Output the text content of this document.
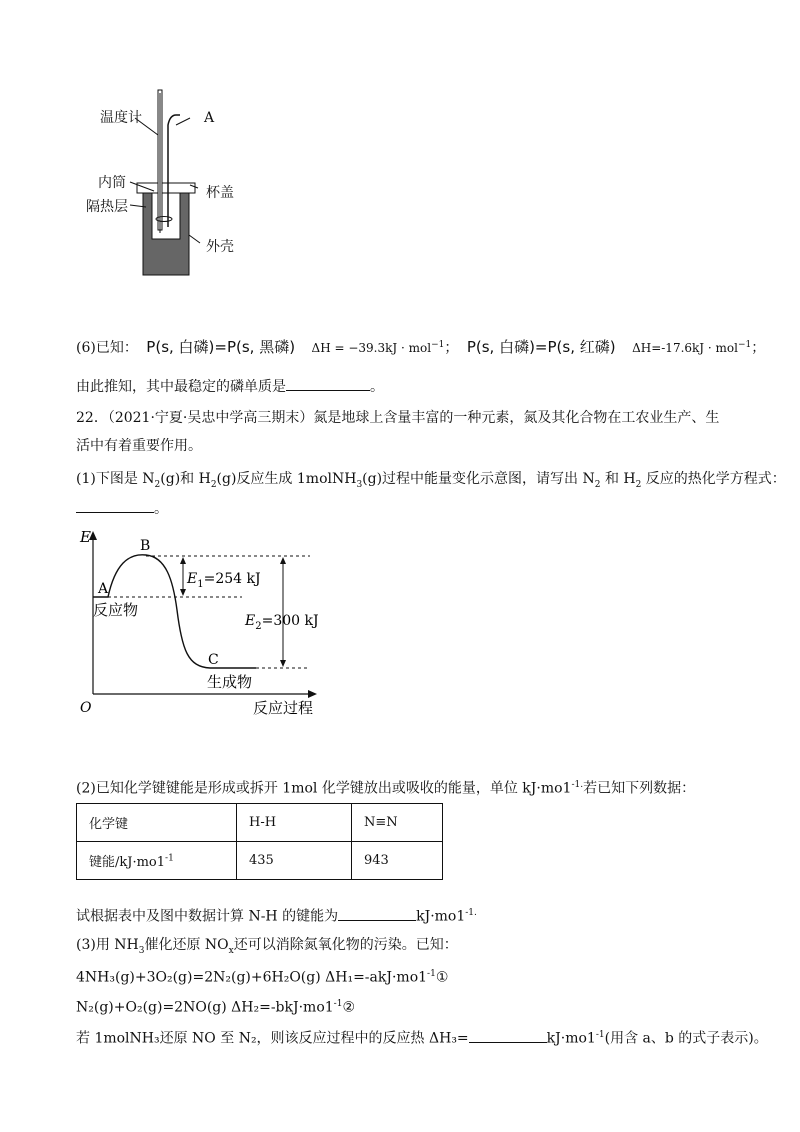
温度计	A
内筒
杯盖
隔热层
外壳
(6)已知： P(s, 白磷)=P(s, 黑磷) ΔH = −39.3kJ · mol$^{-1}$； P(s, 白磷)=P(s, 红磷) ΔH=-17.6kJ · mol$^{-1}$；
由此推知，其中最稳定的磷单质是	。
22．（2021·宁夏·吴忠中学高三期末）氮是地球上含量丰富的一种元素，氮及其化合物在工农业生产、生
活中有着重要作用。
(1)下图是 $N_2(g)$和 $H_2(g)$反应生成 1molNH$_3$(g)过程中能量变化示意图，请写出 $N_2$ 和 $H_2$ 反应的热化学方程式：
。
E
O	反应过程
B
A
C
反应物
生成物
$E_1=254$ kJ
$E_2=300$ kJ
(2)已知化学键键能是形成或拆开 1mol 化学键放出或吸收的能量，单位 $kJ\cdot mo1^{-1.}$若已知下列数据：
化学键	H-H	N≡N
键能$/kJ\cdot mo1^{-1}$	435	943
试根据表中及图中数据计算 N-H 的键能为	$kJ\cdot mo1^{-1.}$
(3)用 $NH_3$催化还原 $NO_x$还可以消除氮氧化物的污染。已知：
4NH₃(g)+3O₂(g)=2N₂(g)+6H₂O(g) $\Delta H_1=-akJ\cdot mo1^{-1}①$
N₂(g)+O₂(g)=2NO(g) $\Delta H_2=-bkJ\cdot mo1^{-1}②$
若 1molNH₃还原 NO 至 N₂，则该反应过程中的反应热 ΔH₃=	$kJ\cdot mo1^{-1}$(用含 a、b 的式子表示)。
